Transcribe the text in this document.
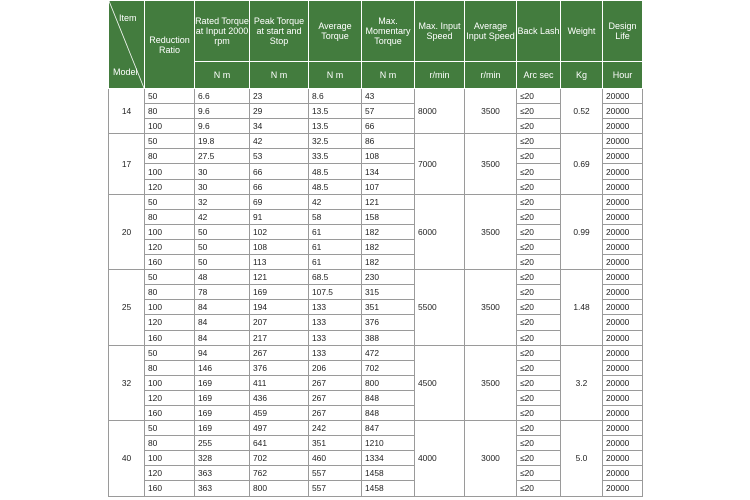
Item
Model	Reduction Ratio	Rated Torque at Input 2000 rpm	Peak Torque at start and Stop	Average Torque	Max. Momentary Torque	Max. Input Speed	Average Input Speed	Back Lash	Weight	Design Life
		N m	N m	N m	N m	r/min	r/min	Arc sec	Kg	Hour
14	50	6.6	23	8.6	43	8000	3500	≤20	0.52	20000
	80	9.6	29	13.5	57			≤20		20000
	100	9.6	34	13.5	66			≤20		20000
17	50	19.8	42	32.5	86	7000	3500	≤20	0.69	20000
	80	27.5	53	33.5	108			≤20		20000
	100	30	66	48.5	134			≤20		20000
	120	30	66	48.5	107			≤20		20000
20	50	32	69	42	121	6000	3500	≤20	0.99	20000
	80	42	91	58	158			≤20		20000
	100	50	102	61	182			≤20		20000
	120	50	108	61	182			≤20		20000
	160	50	113	61	182			≤20		20000
25	50	48	121	68.5	230	5500	3500	≤20	1.48	20000
	80	78	169	107.5	315			≤20		20000
	100	84	194	133	351			≤20		20000
	120	84	207	133	376			≤20		20000
	160	84	217	133	388			≤20		20000
32	50	94	267	133	472	4500	3500	≤20	3.2	20000
	80	146	376	206	702			≤20		20000
	100	169	411	267	800			≤20		20000
	120	169	436	267	848			≤20		20000
	160	169	459	267	848			≤20		20000
40	50	169	497	242	847	4000	3000	≤20	5.0	20000
	80	255	641	351	1210			≤20		20000
	100	328	702	460	1334			≤20		20000
	120	363	762	557	1458			≤20		20000
	160	363	800	557	1458			≤20		20000
